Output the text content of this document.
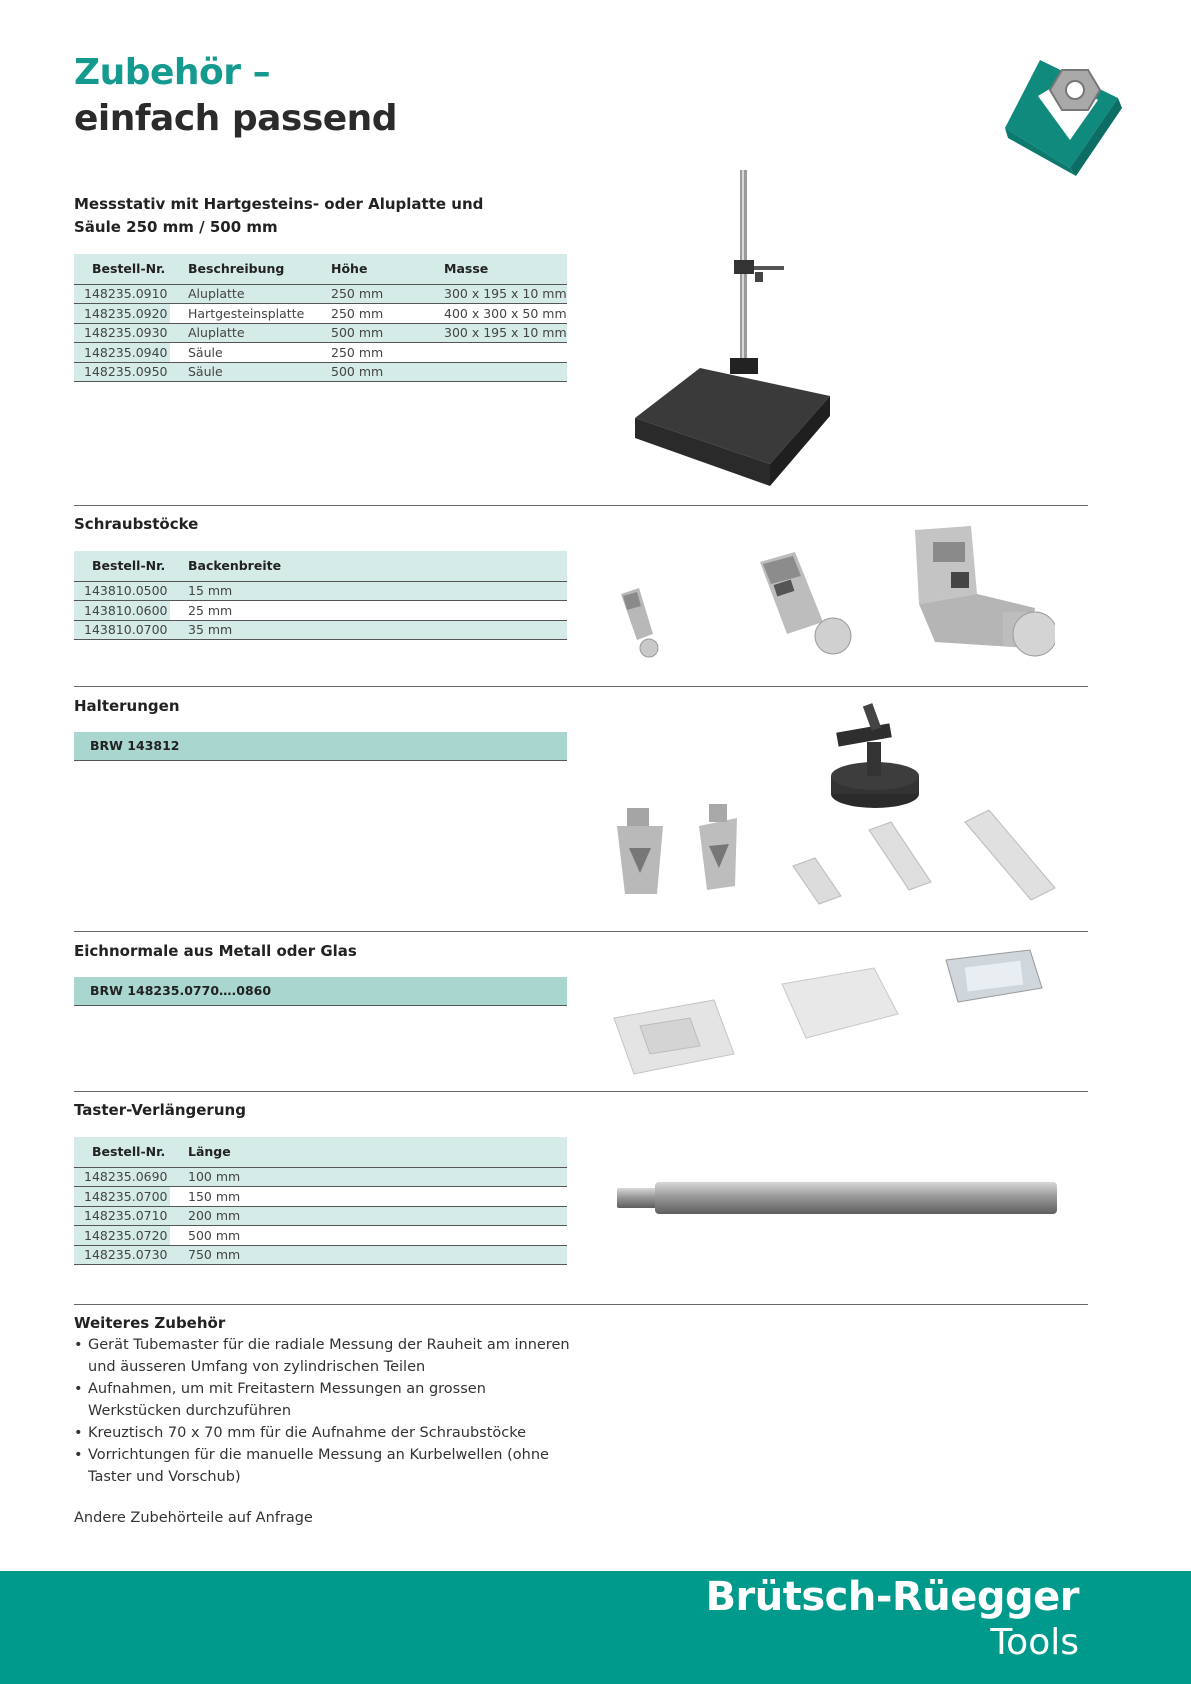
Zubehör –
einfach passend
Messstativ mit Hartgesteins- oder Aluplatte und
Säule 250 mm / 500 mm
Bestell-Nr.	Beschreibung	Höhe	Masse
148235.0910	Aluplatte	250 mm	300 x 195 x 10 mm
148235.0920	Hartgesteinsplatte	250 mm	400 x 300 x 50 mm
148235.0930	Aluplatte	500 mm	300 x 195 x 10 mm
148235.0940	Säule	250 mm	
148235.0950	Säule	500 mm	
Schraubstöcke
Bestell-Nr.	Backenbreite
143810.0500	15 mm
143810.0600	25 mm
143810.0700	35 mm
Halterungen
BRW 143812
Eichnormale aus Metall oder Glas
BRW 148235.0770….0860
Taster-Verlängerung
Bestell-Nr.	Länge
148235.0690	100 mm
148235.0700	150 mm
148235.0710	200 mm
148235.0720	500 mm
148235.0730	750 mm
Weiteres Zubehör
• Gerät Tubemaster für die radiale Messung der Rauheit am inneren und äusseren Umfang von zylindrischen Teilen
• Aufnahmen, um mit Freitastern Messungen an grossen Werkstücken durchzuführen
• Kreuztisch 70 x 70 mm für die Aufnahme der Schraubstöcke
• Vorrichtungen für die manuelle Messung an Kurbelwellen (ohne Taster und Vorschub)
Andere Zubehörteile auf Anfrage
Brütsch-Rüegger
Tools
